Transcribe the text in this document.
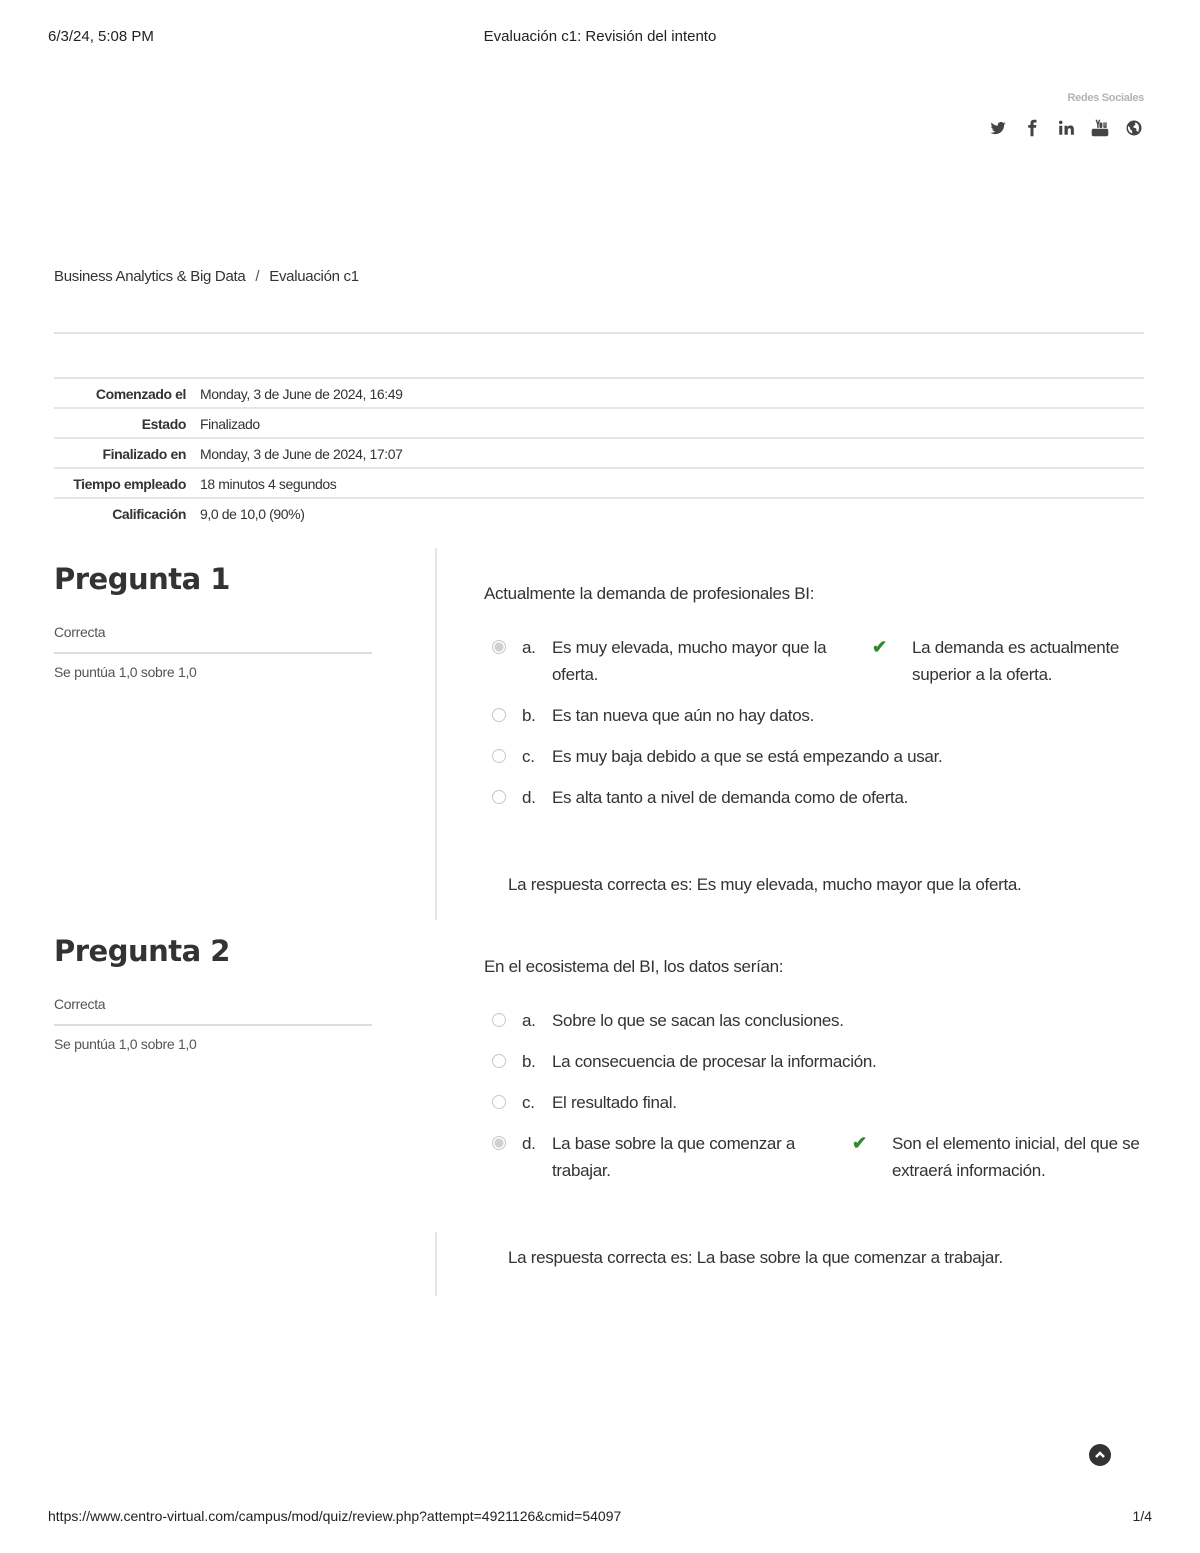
6/3/24, 5:08 PM	Evaluación c1: Revisión del intento
Redes Sociales
Business Analytics & Big Data / Evaluación c1
Comenzado el	Monday, 3 de June de 2024, 16:49
Estado	Finalizado
Finalizado en	Monday, 3 de June de 2024, 17:07
Tiempo empleado	18 minutos 4 segundos
Calificación	9,0 de 10,0 (90%)
Pregunta 1
Correcta
Se puntúa 1,0 sobre 1,0
Actualmente la demanda de profesionales BI:
a. Es muy elevada, mucho mayor que la oferta.
✔	La demanda es actualmente superior a la oferta.
b. Es tan nueva que aún no hay datos.
c.	Es muy baja debido a que se está empezando a usar.
d. Es alta tanto a nivel de demanda como de oferta.
La respuesta correcta es: Es muy elevada, mucho mayor que la oferta.
Pregunta 2
Correcta
Se puntúa 1,0 sobre 1,0
En el ecosistema del BI, los datos serían:
a. Sobre lo que se sacan las conclusiones.
b. La consecuencia de procesar la información.
c.	El resultado final.
d. La base sobre la que comenzar a trabajar.
✔	Son el elemento inicial, del que se extraerá información.
La respuesta correcta es: La base sobre la que comenzar a trabajar.
https://www.centro-virtual.com/campus/mod/quiz/review.php?attempt=4921126&cmid=54097	1/4
